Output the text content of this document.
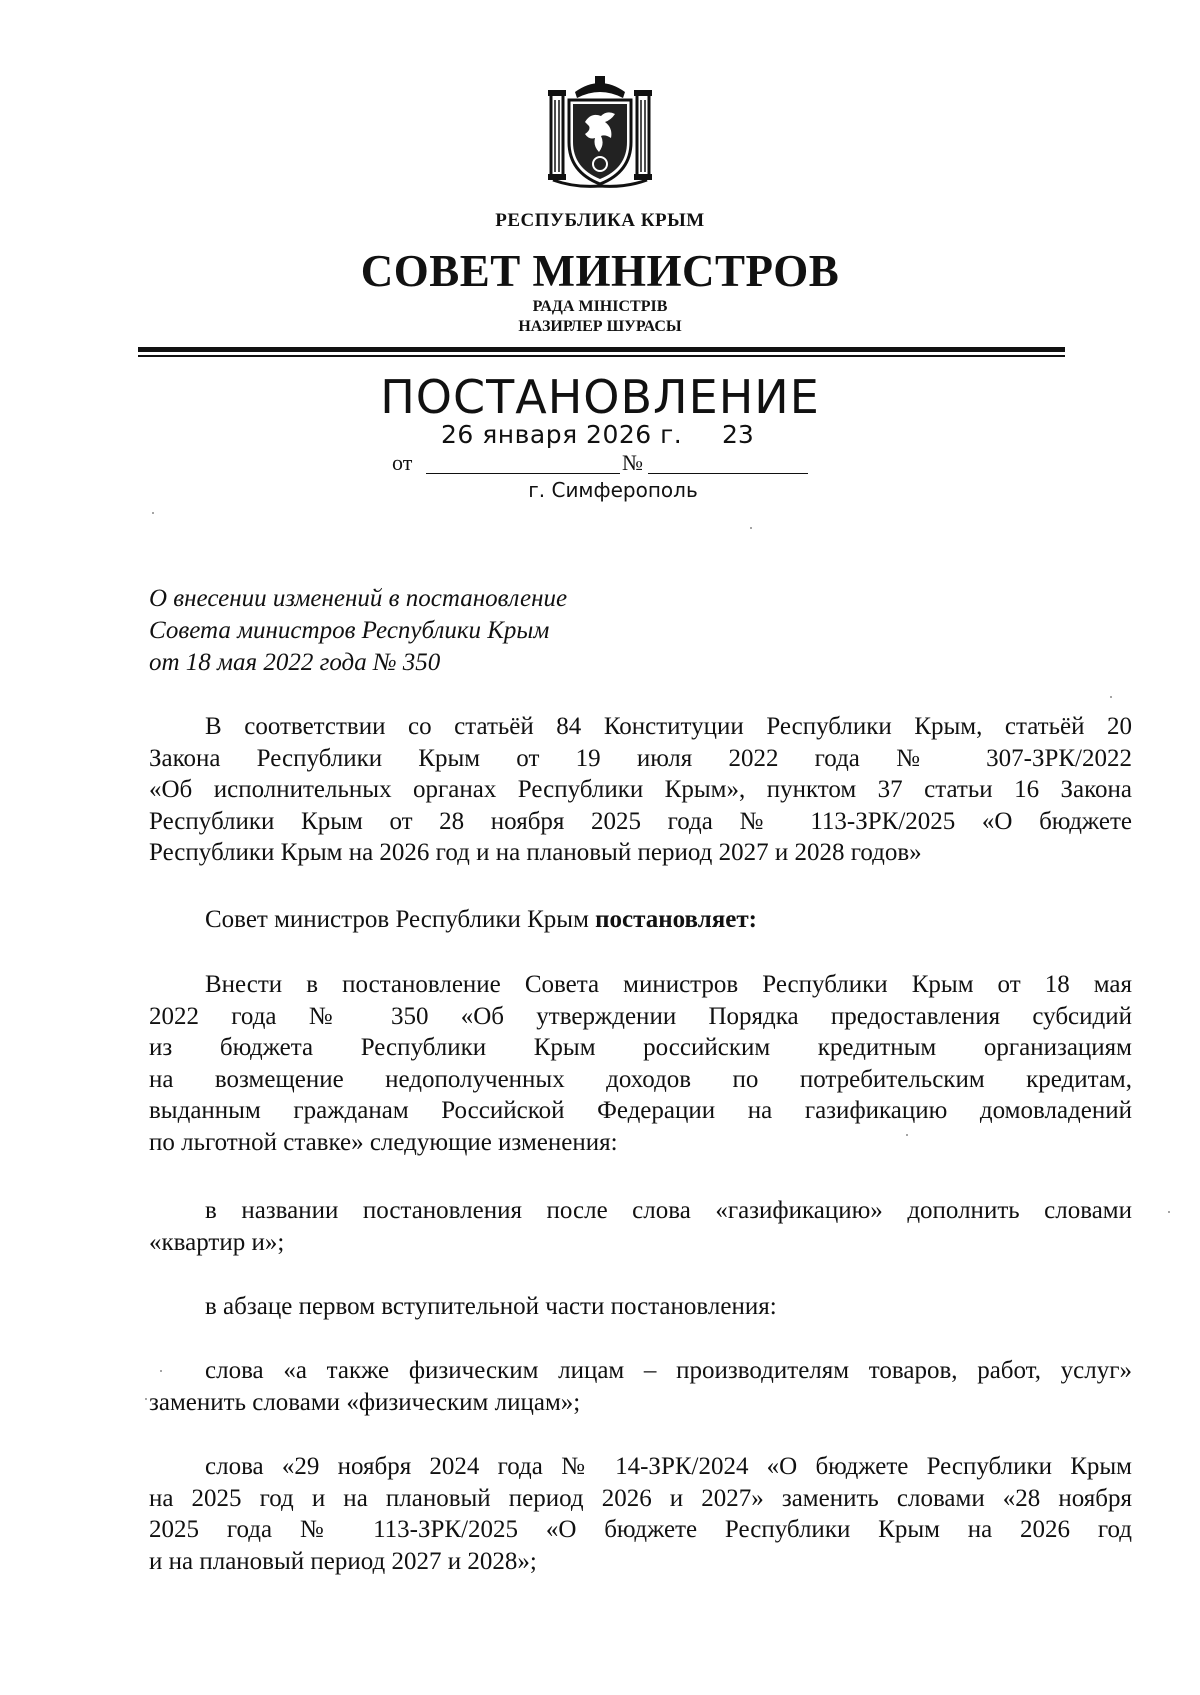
РЕСПУБЛИКА КРЫМ
СОВЕТ МИНИСТРОВ
РАДА МІНІСТРІВ
НАЗИРЛЕР ШУРАСЫ
ПОСТАНОВЛЕНИЕ
26 января 2026 г. 23
от	№
г. Симферополь
О внесении изменений в постановление
Совета министров Республики Крым
от 18 мая 2022 года № 350
В соответствии со статьёй 84 Конституции Республики Крым, статьёй 20
Закона Республики Крым от 19 июля 2022 года № 307-ЗРК/2022
«Об исполнительных органах Республики Крым», пунктом 37 статьи 16 Закона
Республики Крым от 28 ноября 2025 года № 113-ЗРК/2025 «О бюджете
Республики Крым на 2026 год и на плановый период 2027 и 2028 годов»
Совет министров Республики Крым постановляет:
Внести в постановление Совета министров Республики Крым от 18 мая
2022 года № 350 «Об утверждении Порядка предоставления субсидий
из бюджета Республики Крым российским кредитным организациям
на возмещение недополученных доходов по потребительским кредитам,
выданным гражданам Российской Федерации на газификацию домовладений
по льготной ставке» следующие изменения:
в названии постановления после слова «газификацию» дополнить словами
«квартир и»;
в абзаце первом вступительной части постановления:
слова «а также физическим лицам – производителям товаров, работ, услуг»
заменить словами «физическим лицам»;
слова «29 ноября 2024 года № 14-ЗРК/2024 «О бюджете Республики Крым
на 2025 год и на плановый период 2026 и 2027» заменить словами «28 ноября
2025 года № 113-ЗРК/2025 «О бюджете Республики Крым на 2026 год
и на плановый период 2027 и 2028»;
